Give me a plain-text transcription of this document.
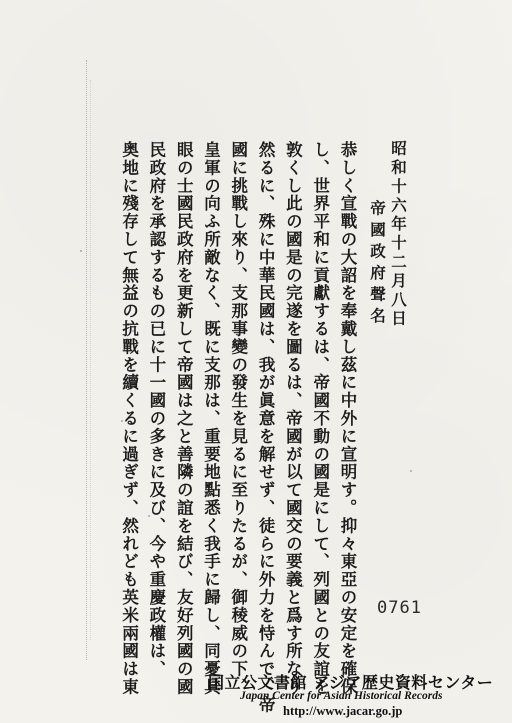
昭和十六年十二月八日
帝國政府聲名
恭しく宣戰の大詔を奉戴し茲に中外に宣明す。抑々東亞の安定を確保
し、世界平和に貢獻するは、帝國不動の國是にして、列國との友誼を
敦くし此の國是の完遂を圖るは、帝國が以て國交の要義と爲す所なり
然るに、殊に中華民國は、我が眞意を解せず、徒らに外力を恃んで、帝
國に挑戰し來り、支那事變の發生を見るに至りたるが、御稜威の下、
皇軍の向ふ所敵なく、既に支那は、重要地點悉く我手に歸し、同憂具
眼の士國民政府を更新して帝國は之と善隣の誼を結び、友好列國の國
民政府を承認するもの已に十一國の多きに及び、今や重慶政權は、
奥地に殘存して無益の抗戰を續くるに過ぎず、然れども英米兩國は東	0761
国立公文書館 アジア歴史資料センター
Japan Center for Asian Historical Records
http://www.jacar.go.jp
